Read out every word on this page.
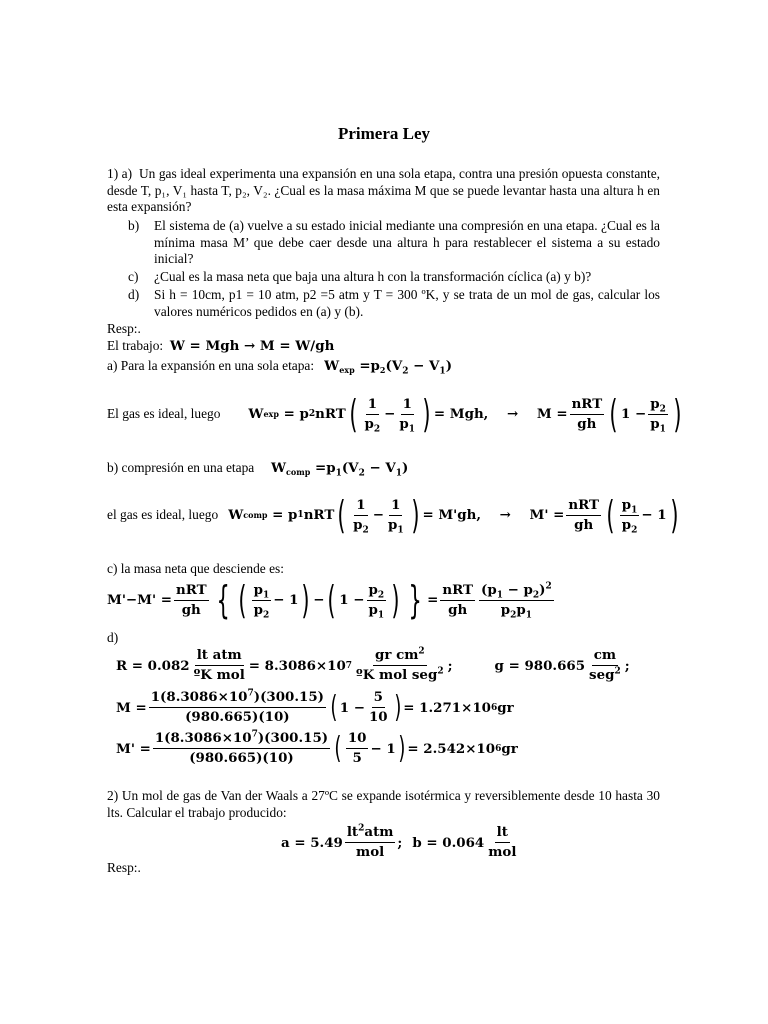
Primera Ley
1) a) Un gas ideal experimenta una expansión en una sola etapa, contra una presión opuesta constante, desde T, p₁, V₁ hasta T, p₂, V₂. ¿Cual es la masa máxima M que se puede levantar hasta una altura h en esta expansión?
b)	El sistema de (a) vuelve a su estado inicial mediante una compresión en una etapa. ¿Cual es la mínima masa M’ que debe caer desde una altura h para restablecer el sistema a su estado inicial?
c)	¿Cual es la masa neta que baja una altura h con la transformación cíclica (a) y b)?
d)	Si h = 10cm, p1 = 10 atm, p2 =5 atm y T = 300 ºK, y se trata de un mol de gas, calcular los valores numéricos pedidos en (a) y (b).
Resp:.
El trabajo: W = Mgh → M = W/gh
a) Para la expansión en una sola etapa: $W_{exp} =p_2(V_2 - V_1)$
El gas es ideal, luego W exp = p 2 nRT ( $\frac{1}{p_2} - \frac{1}{p_1}$ ) = Mgh,    →    $M = \frac{\text{nRT}}{gh}$ ( $1 - \frac{p_2}{p_1}$ )
b) compresión en una etapa $W_{comp} =p_1(V_2 - V_1)$
el gas es ideal, luego W comp = p 1 nRT ( $\frac{1}{p_2} - \frac{1}{p_1}$ ) = M'gh,    →    $M' = \frac{\text{nRT}}{gh}$ ( $\frac{p_1}{p_2} - 1$ )
c) la masa neta que desciende es:
$M'-M' = \frac{\text{nRT}}{gh}$ { ( $\frac{p_1}{p_2} - 1$ ) − ( $1 - \frac{p_2}{p_1}$ ) } = $\frac{\text{nRT}}{gh} \frac{(p_1 - p_2)^2}{p_2p_1}$
d)
$R = 0.082 \frac{\text{lt atm}}{\text{ºK mol}} = 8.3086\times 10$ $7 \frac{gr cm^2}{ºK mol seg^2}$ ;	$g = 980.665 \frac{cm}{seg^2}$ ;
$M = \frac{1(8.3086\times 10^7)(300.15)}{(980.665)(10)}$ ( $1 - \frac{5}{10}$ ) = 1.271×10 6 gr
$M' = \frac{1(8.3086\times 10^7)(300.15)}{(980.665)(10)}$ ( $\frac{10}{5} - 1$ ) = 2.542×10 6 gr
2) Un mol de gas de Van der Waals a 27ºC se expande isotérmica y reversiblemente desde 10 hasta 30 lts. Calcular el trabajo producido:
$a = 5.49 \frac{lt^2atm}{\text{mol}}$ ;
$b = 0.064 \frac{lt}{\text{mol}}$
Resp:.
